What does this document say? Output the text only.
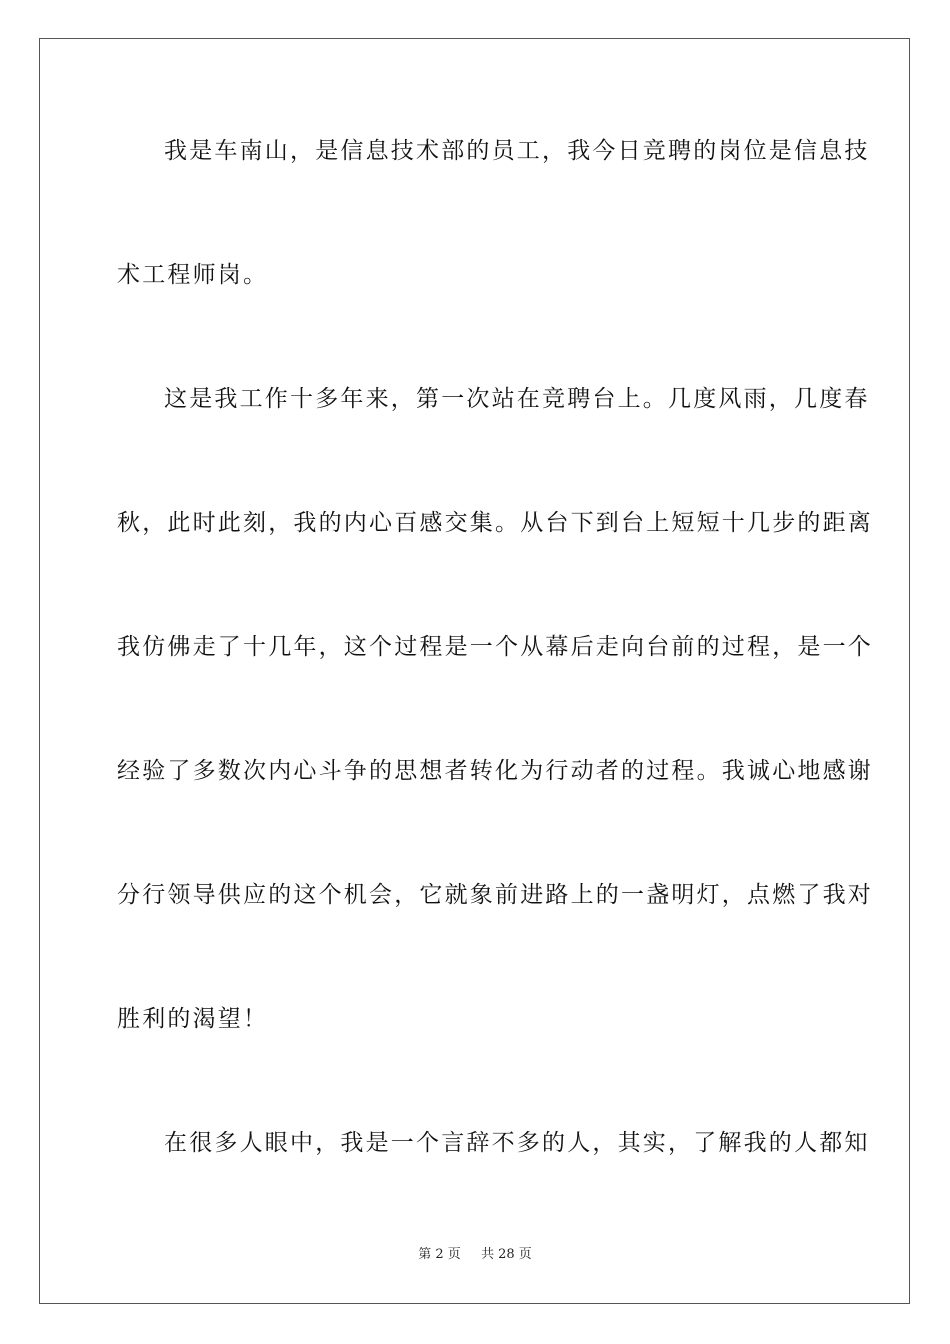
我是车南山，是信息技术部的员工，我今日竞聘的岗位是信息技
术工程师岗。
这是我工作十多年来，第一次站在竞聘台上。几度风雨，几度春
秋，此时此刻，我的内心百感交集。从台下到台上短短十几步的距离
我仿佛走了十几年，这个过程是一个从幕后走向台前的过程，是一个
经验了多数次内心斗争的思想者转化为行动者的过程。我诚心地感谢
分行领导供应的这个机会，它就象前进路上的一盏明灯，点燃了我对
胜利的渴望！
在很多人眼中，我是一个言辞不多的人，其实，了解我的人都知
第 2 页 共 28 页
